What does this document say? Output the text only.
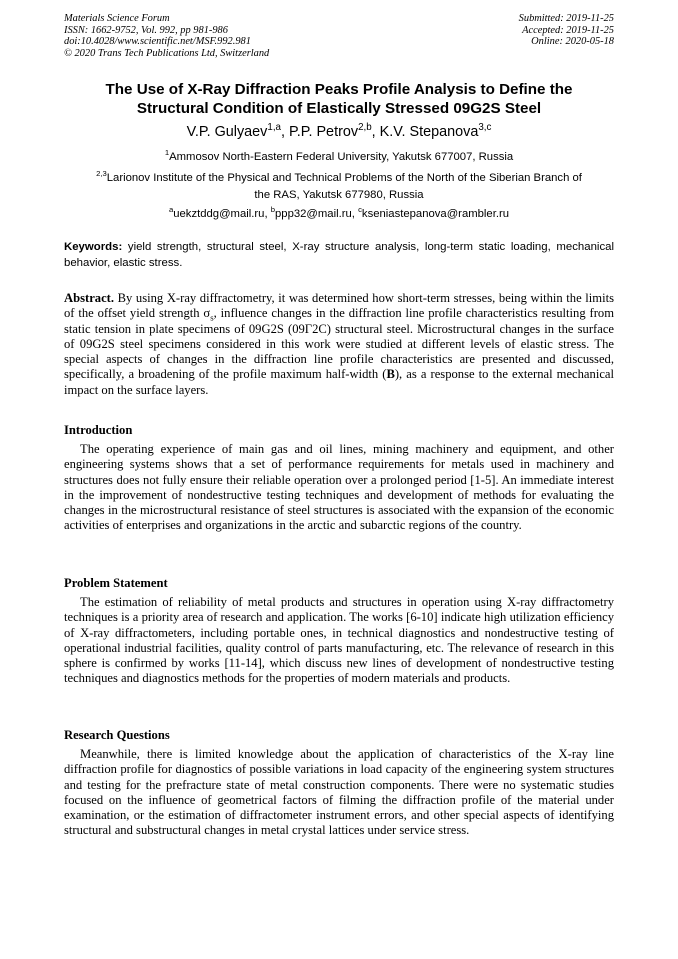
Materials Science Forum
ISSN: 1662-9752, Vol. 992, pp 981-986
doi:10.4028/www.scientific.net/MSF.992.981
© 2020 Trans Tech Publications Ltd, Switzerland
Submitted: 2019-11-25
Accepted: 2019-11-25
Online: 2020-05-18
The Use of X-Ray Diffraction Peaks Profile Analysis to Define the
Structural Condition of Elastically Stressed 09G2S Steel
V.P. Gulyaev$^{1,a}$, P.P. Petrov$^{2,b}$, K.V. Stepanova$^{3,c}$
$^1$Ammosov North-Eastern Federal University, Yakutsk 677007, Russia
$^{2,3}$Larionov Institute of the Physical and Technical Problems of the North of the Siberian Branch of
the RAS, Yakutsk 677980, Russia
$^a$uekztddg@mail.ru, $^b$ppp32@mail.ru, $^c$kseniastepanova@rambler.ru
Keywords: yield strength, structural steel, X-ray structure analysis, long-term static loading, mechanical behavior, elastic stress.
Abstract. By using X-ray diffractometry, it was determined how short-term stresses, being within the limits of the offset yield strength $\sigma_s$, influence changes in the diffraction line profile characteristics resulting from static tension in plate specimens of 09G2S (09Г2С) structural steel. Microstructural changes in the surface of 09G2S steel specimens considered in this work were studied at different levels of elastic stress. The special aspects of changes in the diffraction line profile characteristics are presented and discussed, specifically, a broadening of the profile maximum half-width (B), as a response to the external mechanical impact on the surface layers.
Introduction
The operating experience of main gas and oil lines, mining machinery and equipment, and other engineering systems shows that a set of performance requirements for metals used in machinery and structures does not fully ensure their reliable operation over a prolonged period [1-5]. An immediate interest in the improvement of nondestructive testing techniques and development of methods for evaluating the changes in the microstructural resistance of steel structures is associated with the expansion of the economic activities of enterprises and organizations in the arctic and subarctic regions of the country.
Problem Statement
The estimation of reliability of metal products and structures in operation using X-ray diffractometry techniques is a priority area of research and application. The works [6-10] indicate high utilization efficiency of X-ray diffractometers, including portable ones, in technical diagnostics and nondestructive testing of operational industrial facilities, quality control of parts manufacturing, etc. The relevance of research in this sphere is confirmed by works [11-14], which discuss new lines of development of nondestructive testing techniques and diagnostics methods for the properties of modern materials and products.
Research Questions
Meanwhile, there is limited knowledge about the application of characteristics of the X-ray line diffraction profile for diagnostics of possible variations in load capacity of the engineering system structures and testing for the prefracture state of metal construction components. There were no systematic studies focused on the influence of geometrical factors of filming the diffraction profile of the material under examination, or the estimation of diffractometer instrument errors, and other special aspects of identifying structural and substructural changes in metal crystal lattices under service stress.
